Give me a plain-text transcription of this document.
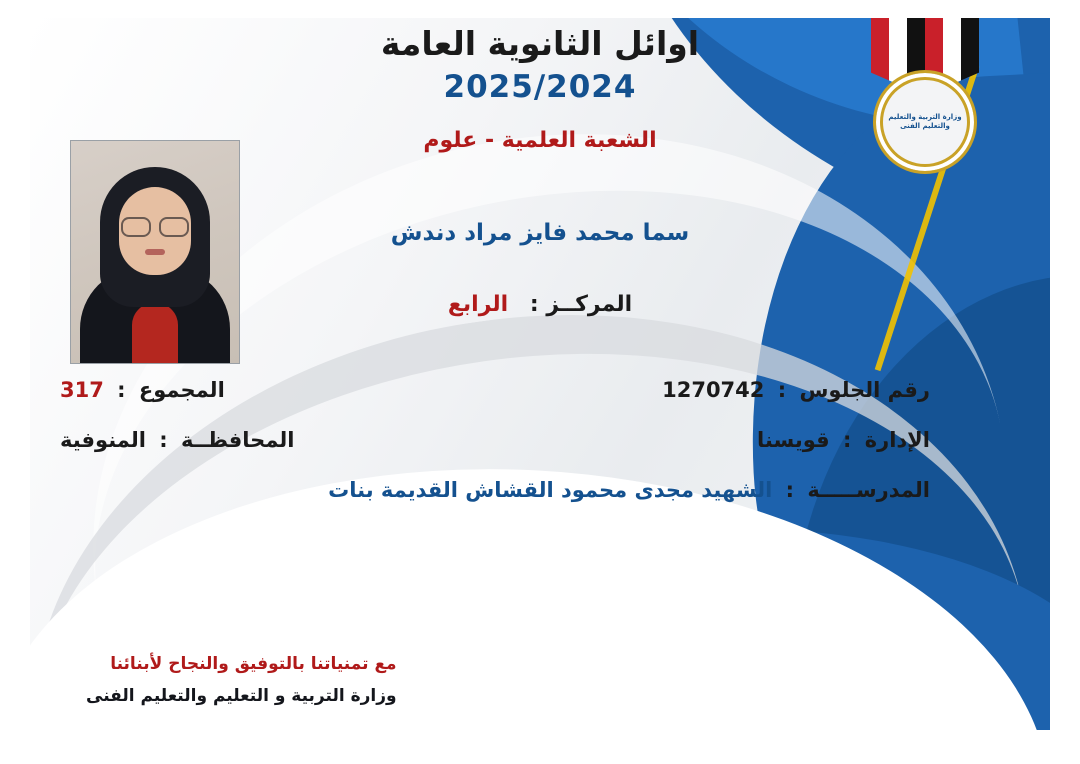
اوائل الثانوية العامة
2025/2024
الشعبة العلمية - علوم
سما محمد فايز مراد دندش
المركــز : الرابع
وزارة التربية والتعليم والتعليم الفنى
رقم الجلوس : 1270742
المجموع : 317
الإدارة : قويسنا
المحافظــة : المنوفية
المدرســـــة : الشهيد مجدى محمود القشاش القديمة بنات
مع تمنياتنا بالتوفيق والنجاح لأبنائنا
وزارة التربية و التعليم والتعليم الفنى
